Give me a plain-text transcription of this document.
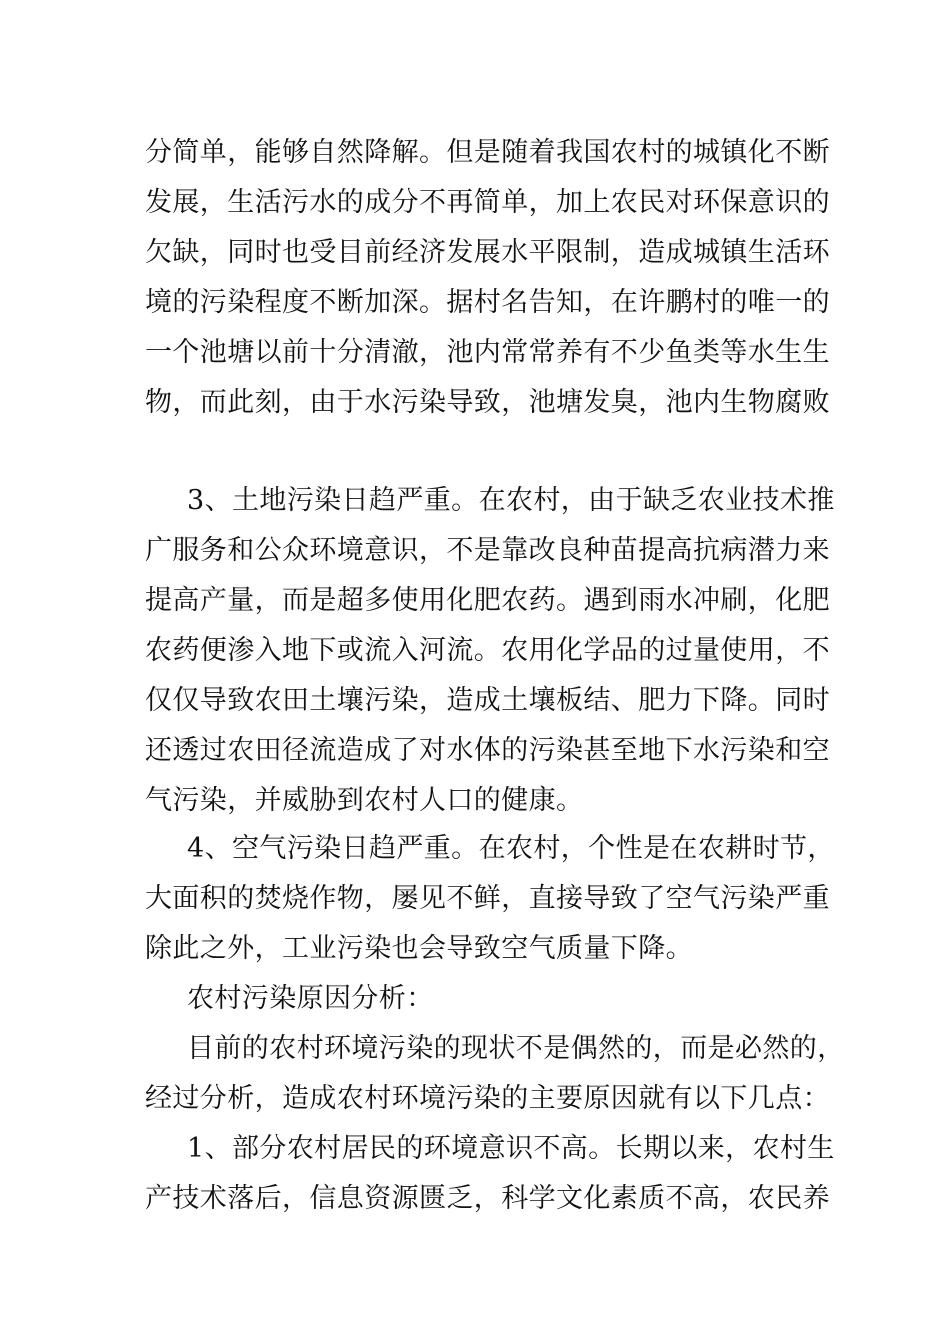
分简单，能够自然降解。但是随着我国农村的城镇化不断
发展，生活污水的成分不再简单，加上农民对环保意识的
欠缺，同时也受目前经济发展水平限制，造成城镇生活环
境的污染程度不断加深。据村名告知，在许鹏村的唯一的
一个池塘以前十分清澈，池内常常养有不少鱼类等水生生
物，而此刻，由于水污染导致，池塘发臭，池内生物腐败
3、土地污染日趋严重。在农村，由于缺乏农业技术推
广服务和公众环境意识，不是靠改良种苗提高抗病潜力来
提高产量，而是超多使用化肥农药。遇到雨水冲刷，化肥
农药便渗入地下或流入河流。农用化学品的过量使用，不
仅仅导致农田土壤污染，造成土壤板结、肥力下降。同时
还透过农田径流造成了对水体的污染甚至地下水污染和空
气污染，并威胁到农村人口的健康。
4、空气污染日趋严重。在农村，个性是在农耕时节，
大面积的焚烧作物，屡见不鲜，直接导致了空气污染严重
除此之外，工业污染也会导致空气质量下降。
农村污染原因分析：
目前的农村环境污染的现状不是偶然的，而是必然的，
经过分析，造成农村环境污染的主要原因就有以下几点：
1、部分农村居民的环境意识不高。长期以来，农村生
产技术落后，信息资源匮乏，科学文化素质不高，农民养
